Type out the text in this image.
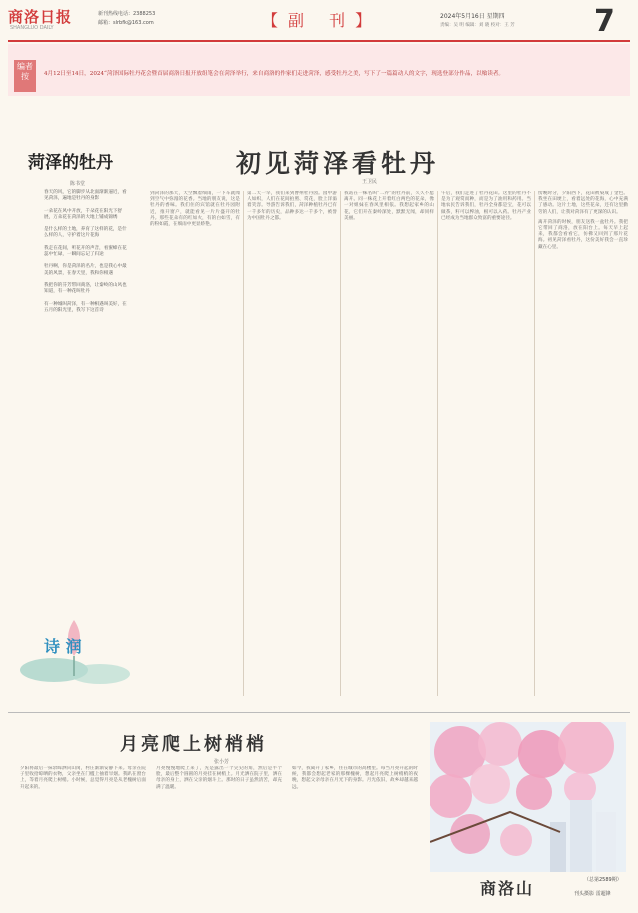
商洛日报
SHANGLUO DAILY
新刊热线电话：2388253
邮箱：slrbfk@163.com	【副 刊】	2024年5月16日 星期四
责编：吴 明 编辑：刘 晓 校对：王 芳	7
编者按	4月12日至14日，2024“菏泽国际牡丹花会暨首届商洛日报开放组笔会在菏泽举行，来自商洛的作家们走进菏泽，感受牡丹之美，写下了一篇篇动人的文字，现选登部分作品，以飨读者。
菏泽的牡丹
陈书堂
春天的风，它的脚步从北面渐渐逼近，看见菏泽，遍地是牡丹的身影
一朵花在风中开放，千朵花在阳光下舒展，万朵花在菏泽的大地上铺成锦绣
是什么样的土地，养育了这样的花，是什么样的人，守护着这片花海
我走在花间，听花开的声音，看蜜蜂在花蕊中忙碌，一瞬间忘记了归途
牡丹啊，你是菏泽的名片，也是我心中最美的风景，在春天里，我和你相遇
我把你的芬芳带回商洛，让秦岭的山风也知道，有一种花叫牡丹
有一种城叫菏泽，有一种相遇叫美好，在五月的阳光里，我写下这首诗
诗 润
初见菏泽看牡丹
王卫民
到菏泽的那天，天空飘着细雨，一下车就闻到空气中弥漫的花香。当地的朋友说，这是牡丹的香味。我们住的宾馆就在牡丹园附近，推开窗户，就能看见一片片盛开的牡丹。那些花朵有的红如火，有的白如雪，有的粉如霞，在细雨中更显娇艳。
第二天一早，我们来到曹州牡丹园。园中游人如织，人们在花间拍照、赏花，脸上洋溢着笑容。导游告诉我们，菏泽种植牡丹已有一千多年的历史，品种多达一千多个，被誉为中国牡丹之都。
我站在一株名叫“二乔”的牡丹前，久久不愿离开。同一株花上开着红白两色的花朵，像一对姐妹在春风里相依。我想起家乡的山花，它们开在秦岭深处，默默无闻，却同样美丽。
午后，我们走进了牡丹花田。这里的牡丹不是为了观赏而种，而是为了油用和药用。当地农民告诉我们，牡丹全身都是宝，花可以做茶，籽可以榨油，根可以入药。牡丹产业已经成为当地群众致富的重要途径。
傍晚时分，夕阳西下，花田被染成了金色。我坐在田埂上，看着远处的花海，心中充满了感动。这片土地，这些花朵，还有这里勤劳的人们，让我对菏泽有了更深的认识。
离开菏泽的时候，朋友送我一盆牡丹。我把它带回了商洛，放在阳台上。每天早上起来，我都会看看它，仿佛又回到了那片花海。初见菏泽看牡丹，这份美好我会一直珍藏在心里。
月亮爬上树梢梢
张小芳
夕阳将最后一抹余晖洒向山岗，村庄渐渐安静下来。母亲在院子里收拾晾晒的衣物，父亲坐在门槛上抽着旱烟。我趴在窗台上，等着月亮爬上树梢。小时候，总觉得月亮是从老槐树后面升起来的。
月亮慢慢地爬上来了，先是露出一个尖尖的角，然后是半个脸，最后整个圆圆的月亮挂在树梢上。月光洒在院子里，洒在母亲的身上，洒在父亲的烟斗上。那时的日子虽然清苦，却充满了温暖。
如今，我离开了家乡，住在城市的高楼里。每当月亮升起的时候，我都会想起老家的那棵槐树，想起月亮爬上树梢梢的夜晚，想起父亲母亲在月光下的身影。月光依旧，故乡却越来越远。
商洛山	（总第2589期）
刊头摄影 雷超锋
